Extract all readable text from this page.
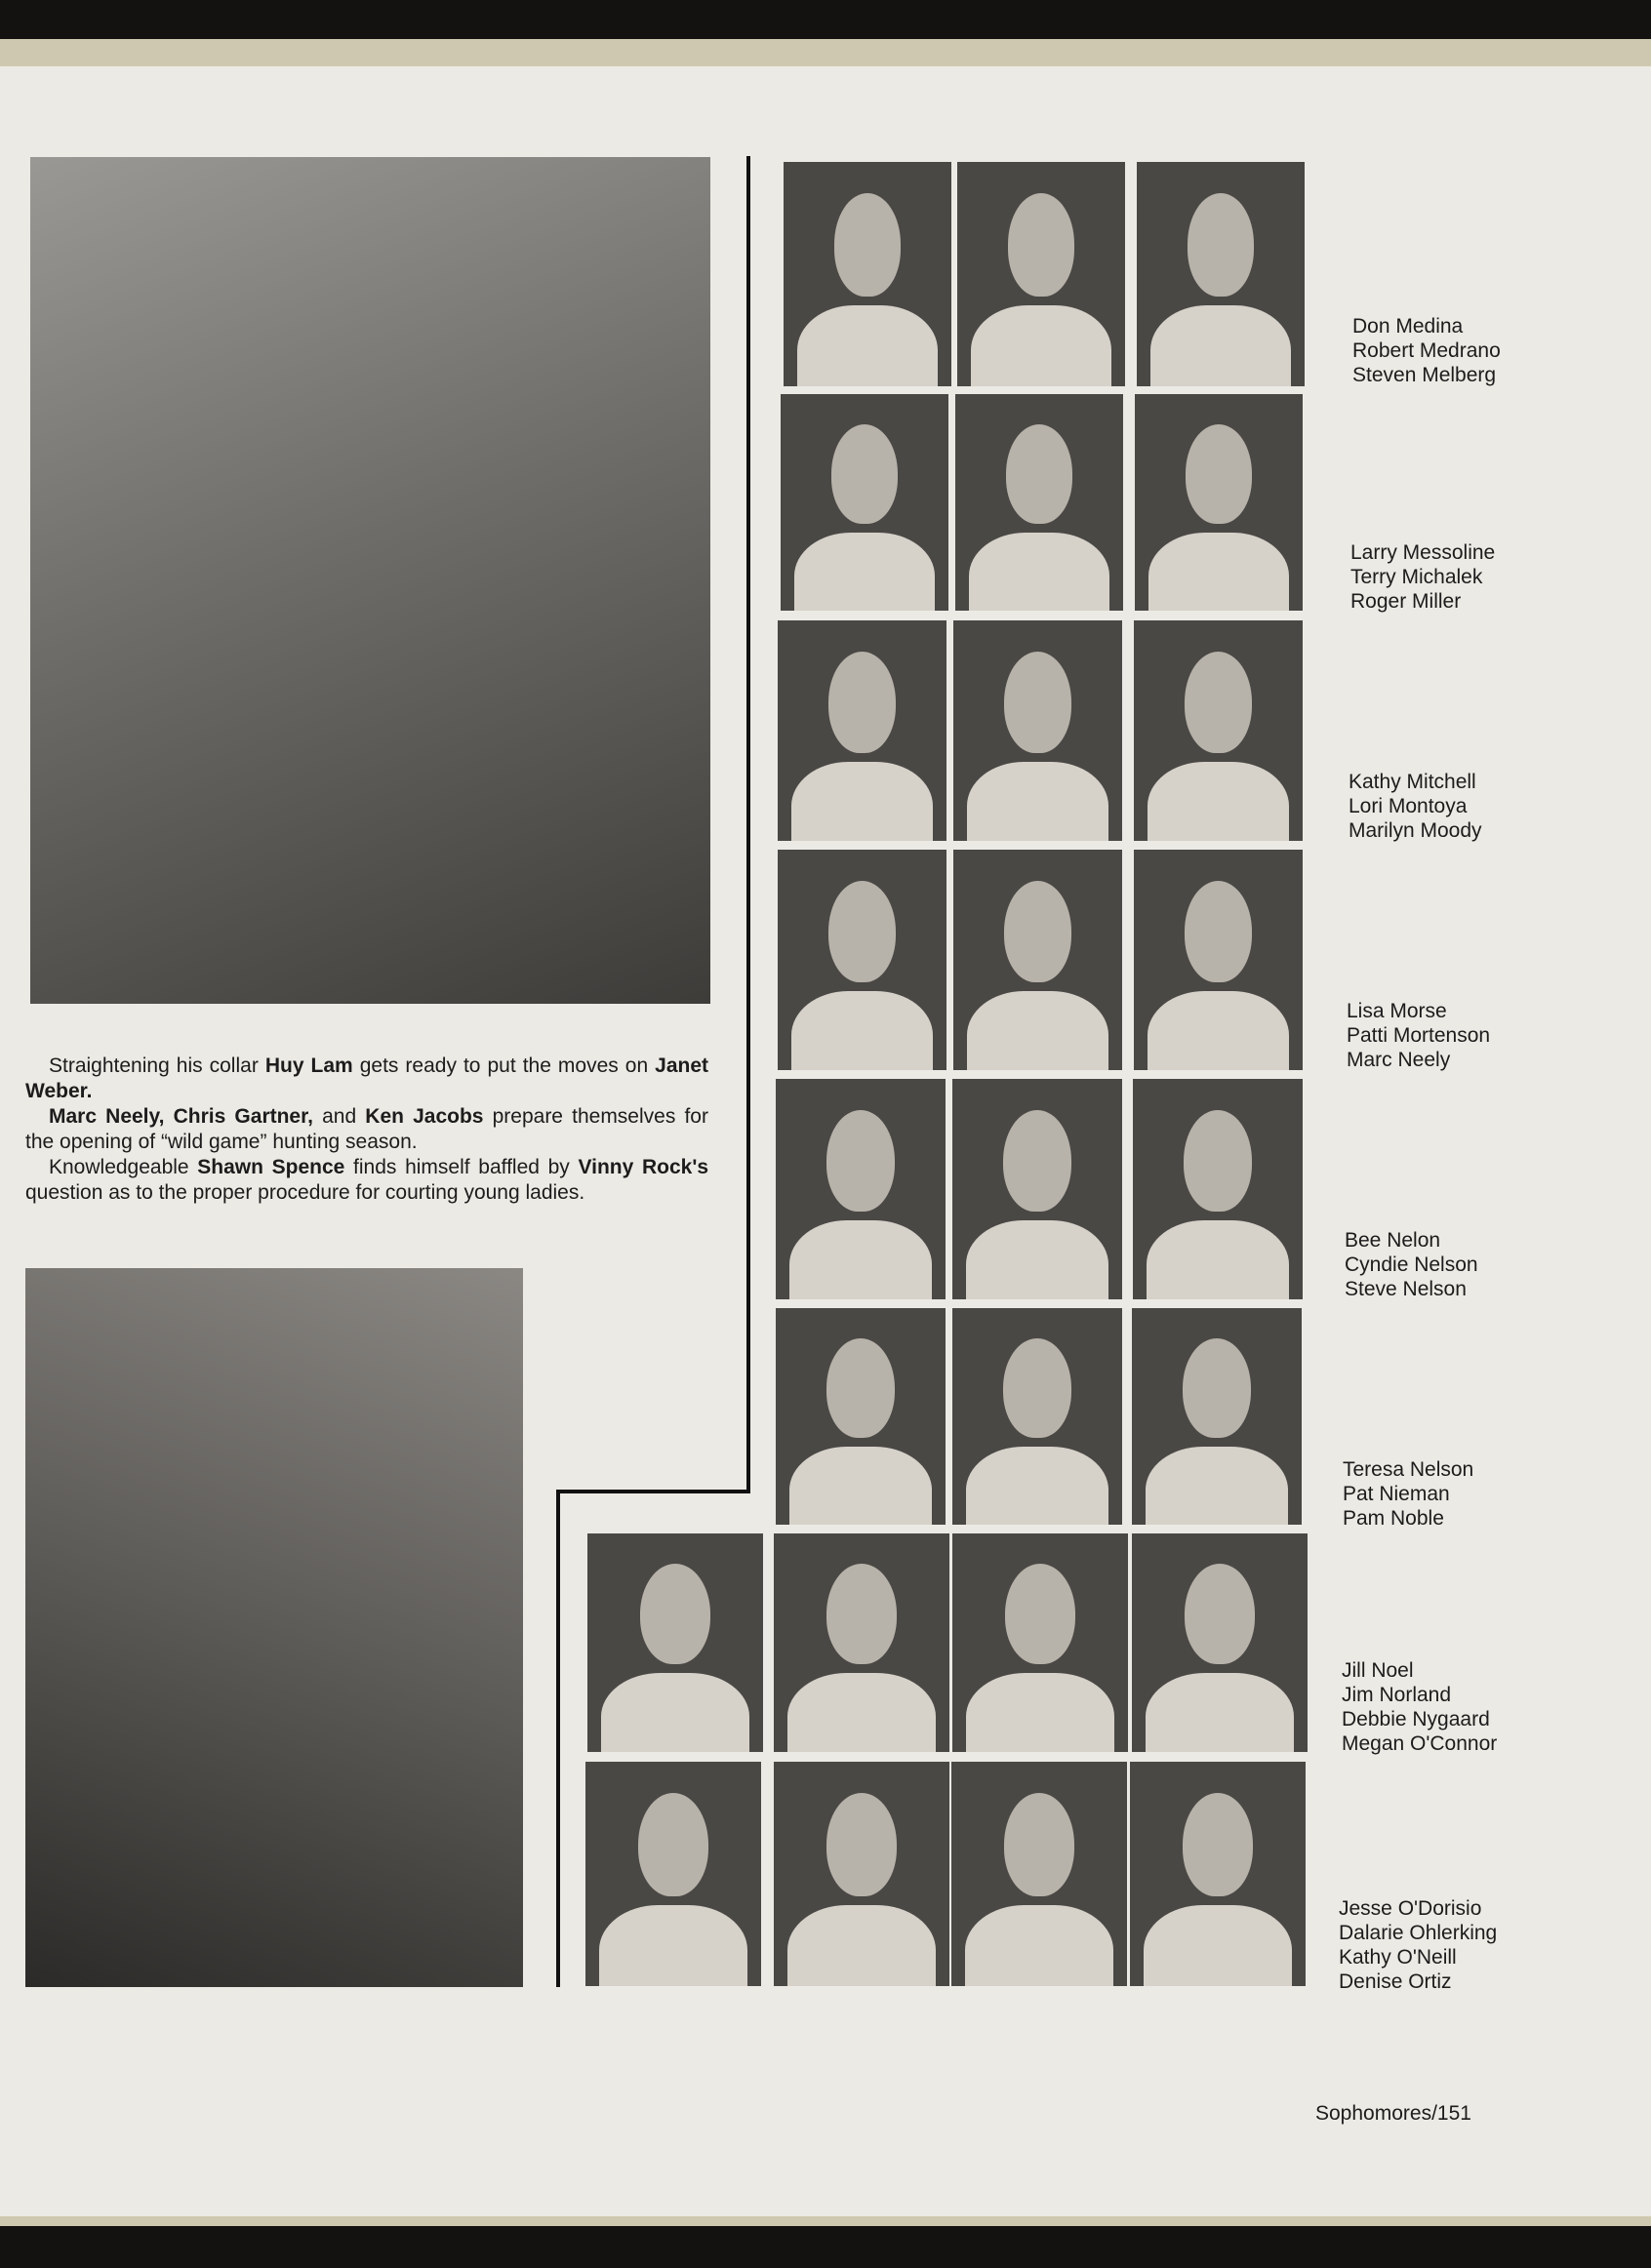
Straightening his collar Huy Lam gets ready to put the moves on Janet Weber.

Marc Neely, Chris Gartner, and Ken Jacobs prepare themselves for the opening of “wild game” hunting season.

Knowledgeable Shawn Spence finds himself baffled by Vinny Rock's question as to the proper procedure for courting young ladies.

Don Medina
Robert Medrano
Steven Melberg
Larry Messoline
Terry Michalek
Roger Miller
Kathy Mitchell
Lori Montoya
Marilyn Moody
Lisa Morse
Patti Mortenson
Marc Neely
Bee Nelon
Cyndie Nelson
Steve Nelson
Teresa Nelson
Pat Nieman
Pam Noble
Jill Noel
Jim Norland
Debbie Nygaard
Megan O'Connor
Jesse O'Dorisio
Dalarie Ohlerking
Kathy O'Neill
Denise Ortiz
Sophomores/151
